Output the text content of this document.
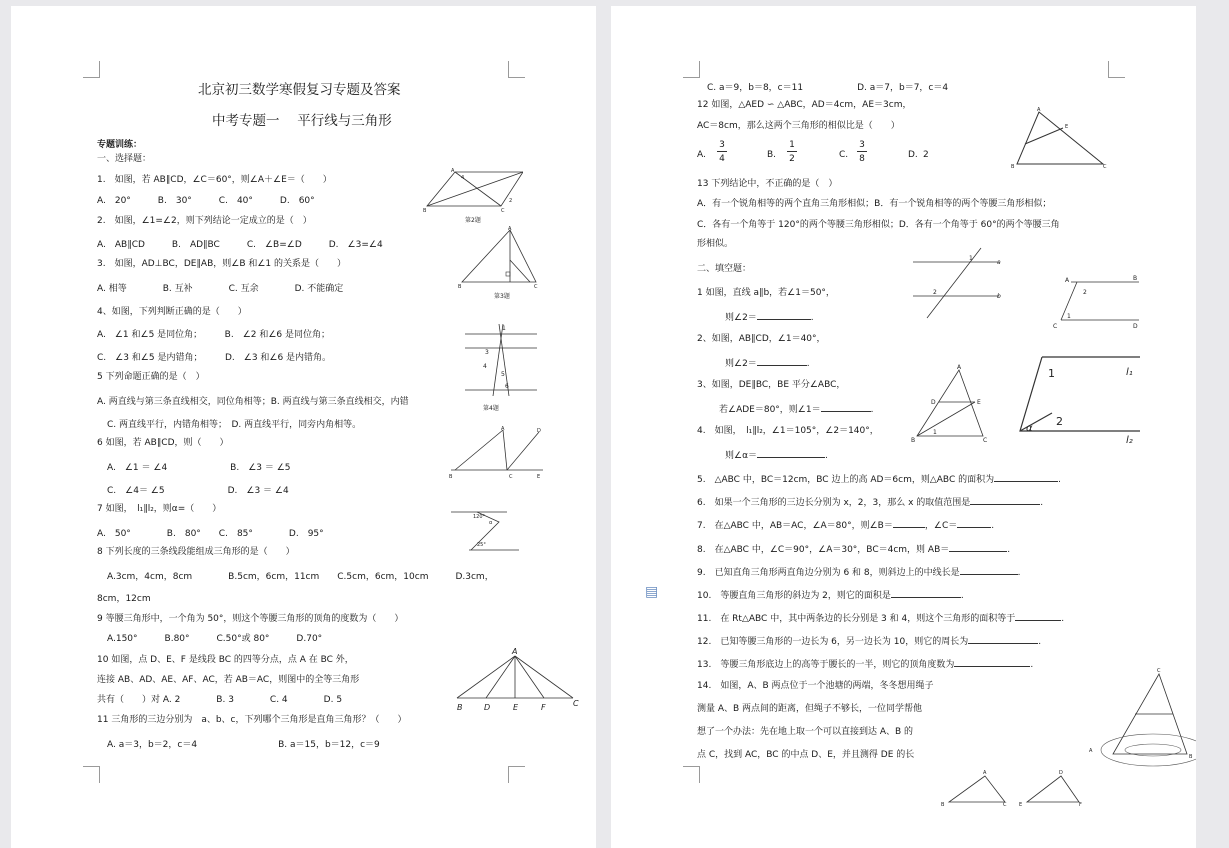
北京初三数学寒假复习专题及答案
中考专题一　 平行线与三角形
专题训练：
一、选择题：
1.　如图，若 AB∥CD，∠C＝60°，则∠A＋∠E＝（　　）
A.　20°　　　B.　30°　　　C.　40°　　　D.　60°
2.　如图，∠1=∠2，则下列结论一定成立的是（　）
A.　AB∥CD　　　B.　AD∥BC　　　C.　∠B=∠D　　　D.　∠3=∠4
3.　如图，AD⊥BC，DE∥AB，则∠B 和∠1 的关系是（　　）
A. 相等　　　　B. 互补　　　　C. 互余　　　　D. 不能确定
4、如图，下列判断正确的是（　　）
A.　∠1 和∠5 是同位角；　　　B.　∠2 和∠6 是同位角；
C.　∠3 和∠5 是内错角；　　　D.　∠3 和∠6 是内错角。
5 下列命题正确的是（　）
A. 两直线与第三条直线相交，同位角相等；B. 两直线与第三条直线相交，内错
C. 两直线平行，内错角相等；　D. 两直线平行，同旁内角相等。
6 如图，若 AB∥CD，则（　　）
A.　∠1 ＝ ∠4　　　　　　　B.　∠3 ＝ ∠5
C.　∠4＝ ∠5　　　　　　　D.　∠3 ＝ ∠4
7 如图，　l₁∥l₂，则α=（　　）
A.　50°　　　　B.　80°　　C.　85°　　　　D.　95°
8 下列长度的三条线段能组成三角形的是（　　）
A.3cm，4cm，8cm　　　　B.5cm，6cm，11cm　　C.5cm，6cm，10cm　　　D.3cm，
8cm，12cm
9 等腰三角形中，一个角为 50°，则这个等腰三角形的顶角的度数为（　　）
A.150°　　　B.80°　　　C.50°或 80°　　　D.70°
10 如图，点 D、E、F 是线段 BC 的四等分点，点 A 在 BC 外，
连接 AB、AD、AE、AF、AC，若 AB＝AC，则图中的全等三角形
共有（　　）对 A. 2　　　　B. 3　　　　C. 4　　　　D. 5
11 三角形的三边分别为　a、b、c，下列哪个三角形是直角三角形？（　　）
A. a＝3，b＝2，c＝4　　　　　　　　　B. a＝15，b＝12，c＝9
A
B	C
4
2
第2题
A
B	C
第3题
1
3
4
5
6
第4题
A	D
B	C	E
120°
α
25°
A
B	D	E	F	C
C. a＝9，b＝8，c＝11　　　　　　D. a＝7，b＝7，c＝4
12 如图，△AED ∽ △ABC，AD＝4cm，AE＝3cm，
AC＝8cm，那么这两个三角形的相似比是（　　）
A.
3
4	B.
1
2	C.
3
8	D. 2
13 下列结论中，不正确的是（　）
A．有一个锐角相等的两个直角三角形相似；B．有一个锐角相等的两个等腰三角形相似；
C．各有一个角等于 120°的两个等腰三角形相似；D．各有一个角等于 60°的两个等腰三角
形相似。
二、填空题：
1 如图，直线 a∥b，若∠1＝50°，
则∠2＝	.
2、如图，AB∥CD，∠1＝40°，
则∠2＝	.
3、如图，DE∥BC，BE 平分∠ABC，
若∠ADE＝80°，则∠1＝	.
4.　如图，　l₁∥l₂，∠1＝105°，∠2＝140°，
则∠α＝	.
5.　△ABC 中，BC＝12cm，BC 边上的高 AD＝6cm，则△ABC 的面积为	.
6.　如果一个三角形的三边长分别为 x，2，3，那么 x 的取值范围是	.
7.　在△ABC 中，AB＝AC，∠A＝80°，则∠B＝	，∠C＝	.
8.　在△ABC 中，∠C＝90°，∠A＝30°，BC＝4cm，则 AB＝	.
9.　已知直角三角形两直角边分别为 6 和 8，则斜边上的中线长是	.
10.　等腰直角三角形的斜边为 2，则它的面积是	.
11.　在 Rt△ABC 中，其中两条边的长分别是 3 和 4，则这个三角形的面积等于	.
12.　已知等腰三角形的一边长为 6，另一边长为 10，则它的周长为	.
13.　等腰三角形底边上的高等于腰长的一半，则它的顶角度数为	.
14.　如图，A、B 两点位于一个池塘的两端，冬冬想用绳子
测量 A、B 两点间的距离，但绳子不够长，一位同学帮他
想了一个办法：先在地上取一个可以直接到达 A、B 的
点 C，找到 AC，BC 的中点 D、E，并且测得 DE 的长
A
B	C
E
1
2
a
b
A	B
C	D
2
1
A
B	C
D	E
1
1
2
α
l₁
l₂
C
A
B
A
B	C
D
E	F
▤
